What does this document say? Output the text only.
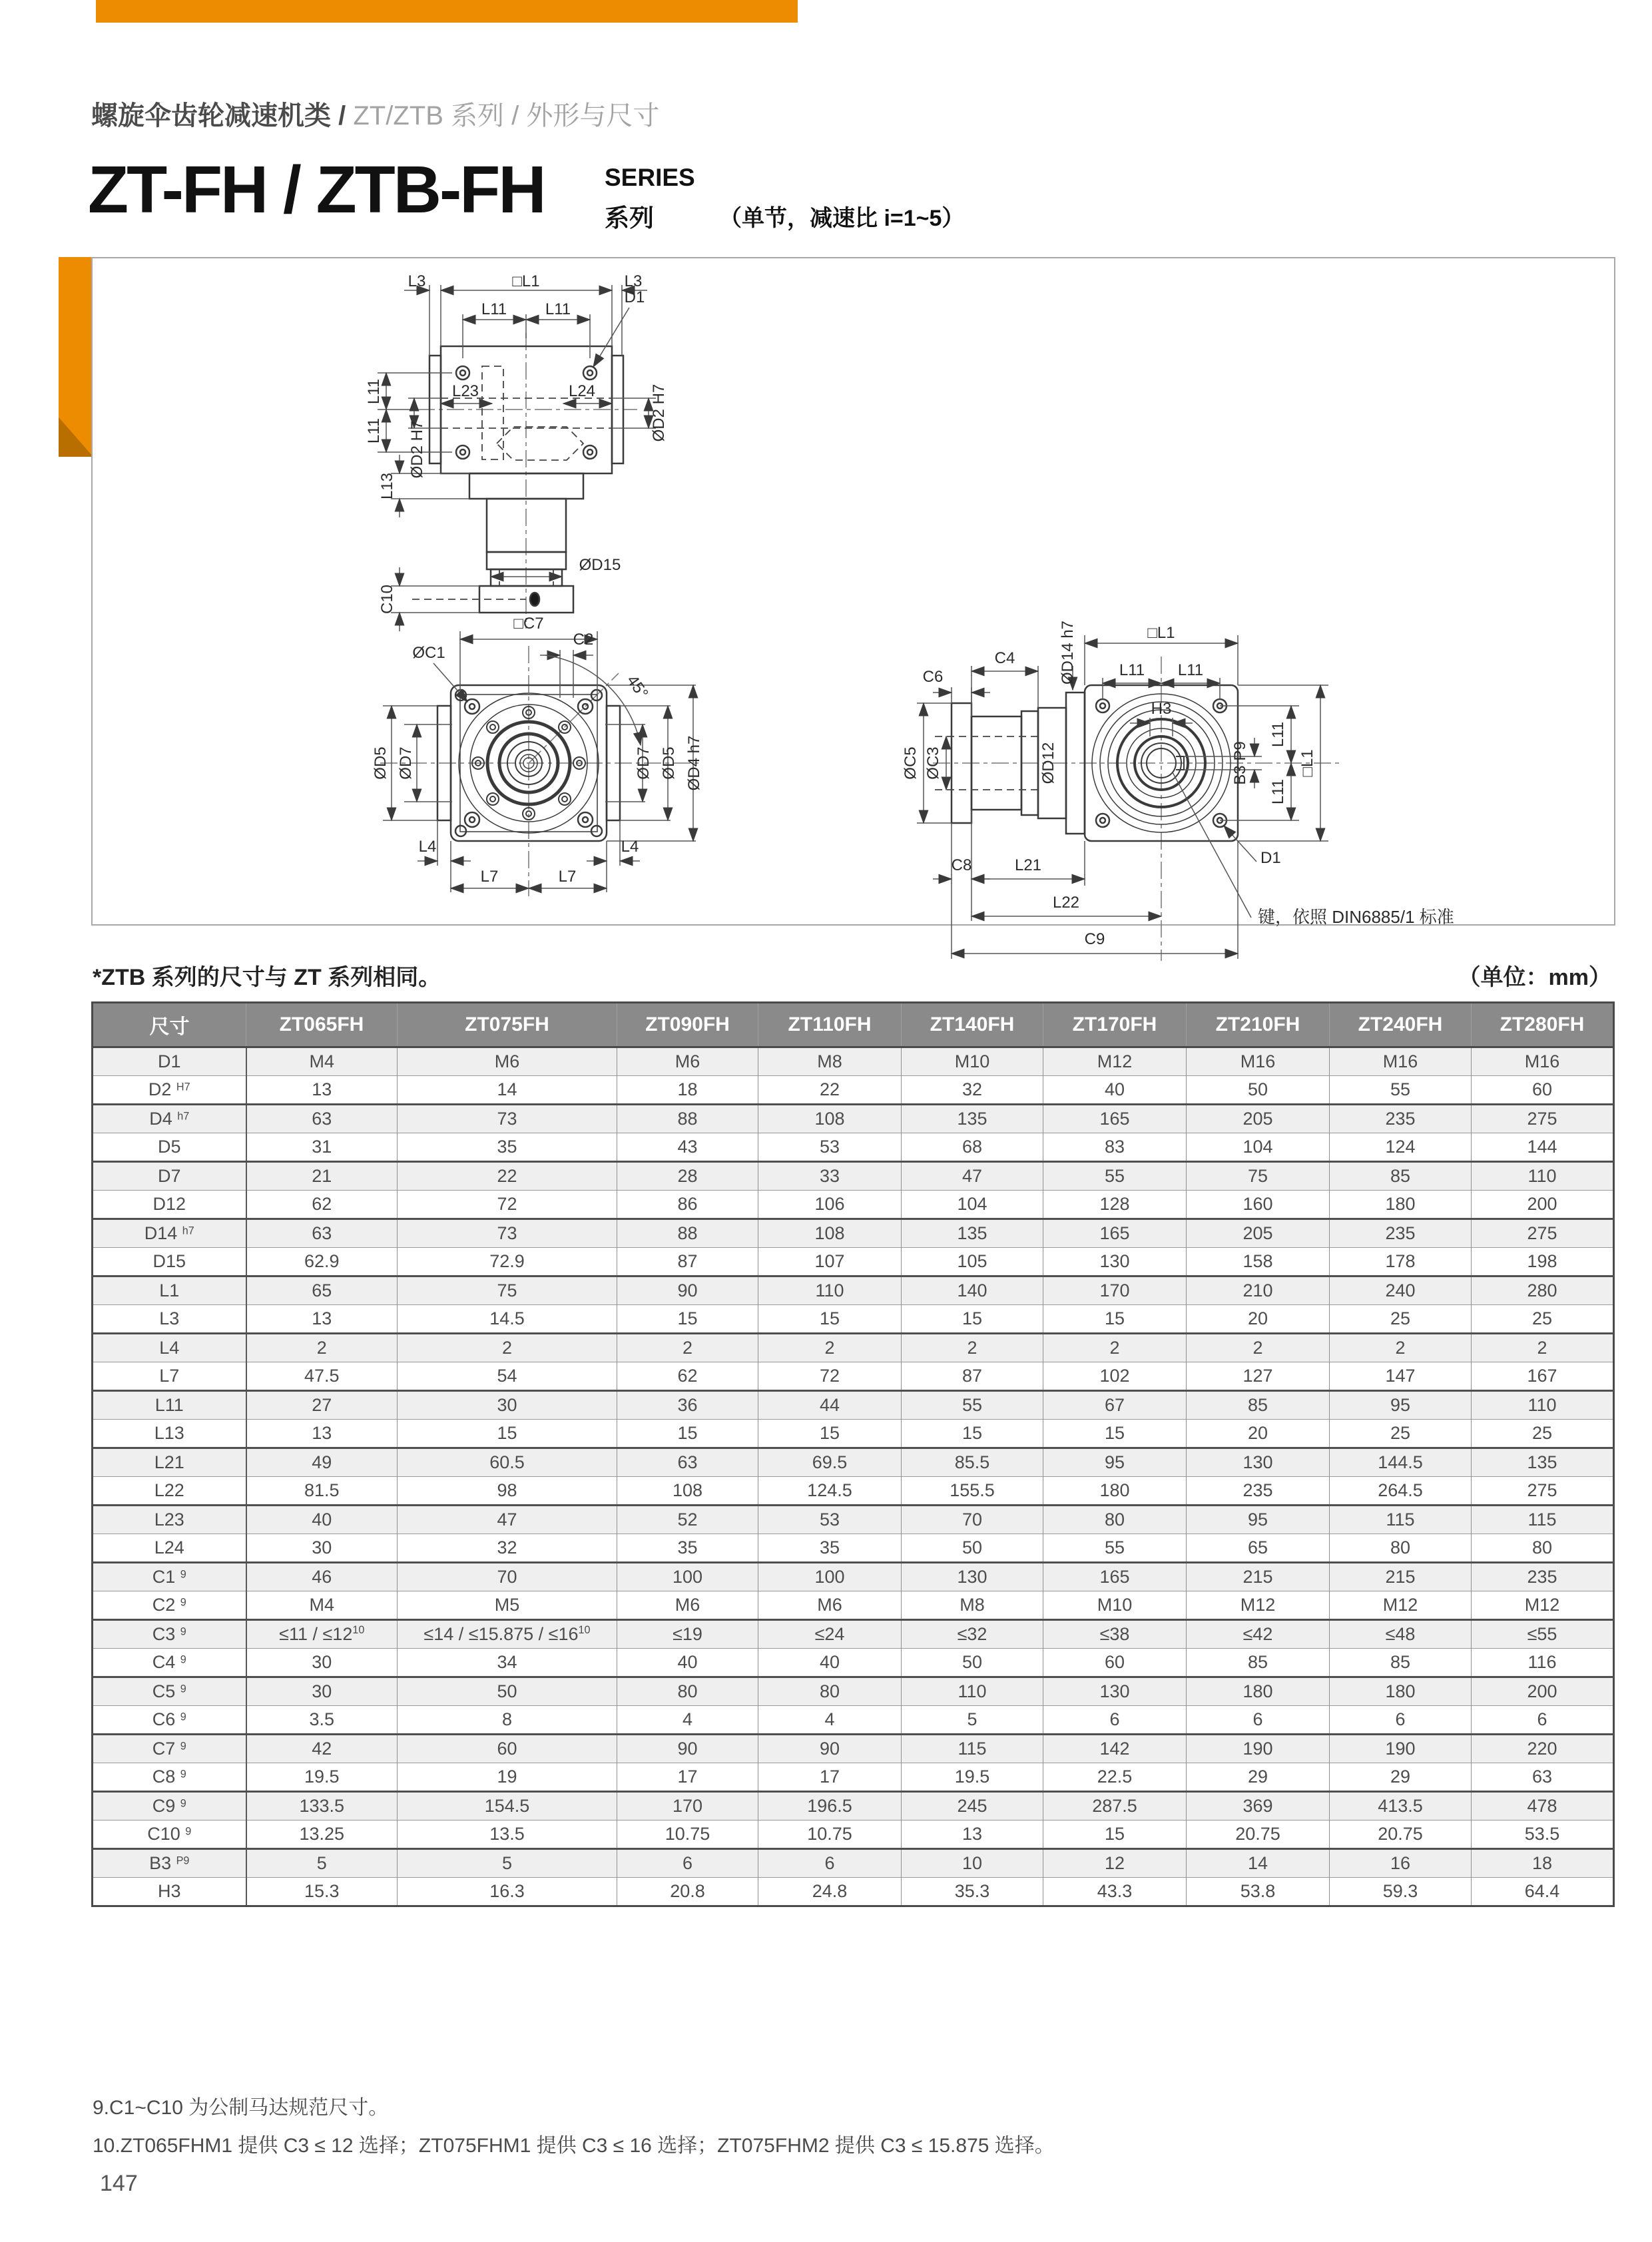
螺旋伞齿轮减速机类 / ZT/ZTB 系列 / 外形与尺寸
ZT-FH / ZTB-FH SERIES
系列	（单节，减速比 i=1~5）
L3	□L1	L3
L11 L11
D1
L23	L24	ØD2 H7
L11
L11 ØD2 H7
L13
C10
ØD15
□C7
ØC1
C2
45°
ØD5 ØD7	ØD7 ØD5 ØD4 h7
L4	L4
L7	L7
□L1
C4
C6	ØD14 h7	L11 L11
H3
ØC5 ØC3	ØD12	B3 P9
L11
L11
□L1
C8	L21
L22
C9
D1
键，依照 DIN6885/1 标准
*ZTB 系列的尺寸与 ZT 系列相同。	（单位：mm）
尺寸	ZT065FH	ZT075FH	ZT090FH	ZT110FH	ZT140FH	ZT170FH	ZT210FH	ZT240FH	ZT280FH
D1	M4	M6	M6	M8	M10	M12	M16	M16	M16
D2 $^{H7}$	13	14	18	22	32	40	50	55	60
D4 $^{h7}$	63	73	88	108	135	165	205	235	275
D5	31	35	43	53	68	83	104	124	144
D7	21	22	28	33	47	55	75	85	110
D12	62	72	86	106	104	128	160	180	200
D14 $^{h7}$	63	73	88	108	135	165	205	235	275
D15	62.9	72.9	87	107	105	130	158	178	198
L1	65	75	90	110	140	170	210	240	280
L3	13	14.5	15	15	15	15	20	25	25
L4	2	2	2	2	2	2	2	2	2
L7	47.5	54	62	72	87	102	127	147	167
L11	27	30	36	44	55	67	85	95	110
L13	13	15	15	15	15	15	20	25	25
L21	49	60.5	63	69.5	85.5	95	130	144.5	135
L22	81.5	98	108	124.5	155.5	180	235	264.5	275
L23	40	47	52	53	70	80	95	115	115
L24	30	32	35	35	50	55	65	80	80
C1 $^9$	46	70	100	100	130	165	215	215	235
C2 $^9$	M4	M5	M6	M6	M8	M10	M12	M12	M12
C3 $^9$	$\le 11 / \le 12^{10}$	$\le 14 / \le 15.875 / \le 16^{10}$	≤19	≤24	≤32	≤38	≤42	≤48	≤55
C4 $^9$	30	34	40	40	50	60	85	85	116
C5 $^9$	30	50	80	80	110	130	180	180	200
C6 $^9$	3.5	8	4	4	5	6	6	6	6
C7 $^9$	42	60	90	90	115	142	190	190	220
C8 $^9$	19.5	19	17	17	19.5	22.5	29	29	63
C9 $^9$	133.5	154.5	170	196.5	245	287.5	369	413.5	478
C10 $^9$	13.25	13.5	10.75	10.75	13	15	20.75	20.75	53.5
B3 $^{P9}$	5	5	6	6	10	12	14	16	18
H3	15.3	16.3	20.8	24.8	35.3	43.3	53.8	59.3	64.4
9.C1~C10 为公制马达规范尺寸。
10.ZT065FHM1 提供 C3 ≤ 12 选择；ZT075FHM1 提供 C3 ≤ 16 选择；ZT075FHM2 提供 C3 ≤ 15.875 选择。
147
